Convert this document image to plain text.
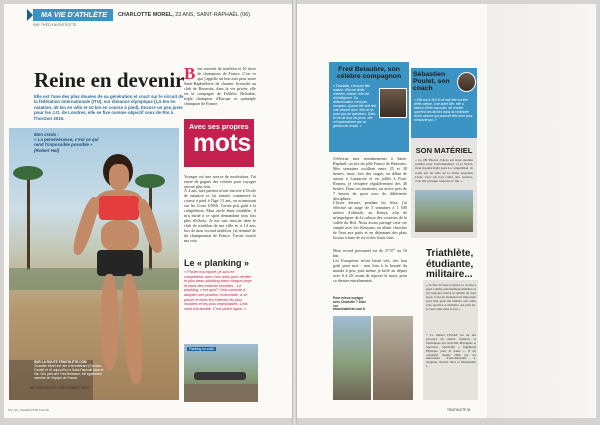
MA VIE D'ATHLÈTE
PAR THÉO KNIGHTSOTTE
CHARLOTTE MOREL, 23 ANS, SAINT-RAPHAËL (06)
Reine en devenir
Elle est l'une des plus douées de sa génération et court sur le circuit de la fédération internationale (ITU), sur distance olympique (1,5 km en natation, 40 km en vélo et 10 km en course à pied). Encore un peu juste pour les J.O. de Londres, elle se fixe comme objectif ceux de Rio à l'horizon 2016.
Bien souvent de triathlon et 10 titres de champions de France. C'est ce que j'appelle un bon mix pour notre Saint-Raphaëloise de charme, licenciée au club de Beauvais, dans la vie privée, elle est la compagne de Frédéric Belaubre, triple champion d'Europe et quintuple champion de France.
Avec ses propres
mots
Voyager est une source de motivation. J'ai envie de gagner des courses pour voyager encore plus loin.
À 4 ans, mes parents m'ont inscrite à l'école de natation et j'ai ensuite commencé la course à pied à l'âge 13 ans, en m'amusant sur les Cross UNSS. J'avais pris goût à la compétition. Mon oncle étant triathlète, il m'a incité à ce sport demandant trois fois plus d'efforts. Je me suis inscrite dans le club de triathlon de ma ville et, à 14 ans, lors de mon second triathlon, j'ai terminé 4e du championnat de France. J'avais trouvé ma voie.
Le « planking »
« Poster ma rayure, je suis en compétition avec mes amis pour dérider le plus beau planking dans chaque pays et dans des endroits insolites... Le planking, c'est quoi? Cela consiste à adopter une position horizontale, à se placer le dans les endroits les plus insolites et les plus improbables. Cela vient d'Australie. C'est plutôt rigolo. »
Planking au soleil
Mon credo :
« La persévérance, c'est ce qui rend l'impossible possible » (Robert Hal)
SUR LA ROUTE TRIATHLETE.COM
Charlotte Morel est née à Montbéliard (Franche-Comté) et vit aujourd'hui à Saint-Raphaël dans le Var. Son petit ami Fred Belaubre, est également membre de l'équipe de France.
50 TRIATHLETE / DÉCEMBRE 2013
MV_AU_CHARLOTTE.indd 46
Fred Belaubre, son célèbre compagnon
« Charlotte, c'est une fille mature. Elle est drôle, cheerful, mâtine. Elle est d'intelligence. Sa détermination n'est pas trompeur. Quand elle doit finir une séance dure, elle ne se pose pas de questions. Dans le vie de tous les jours, elle m'impressionne par sa gestion du temps. »
Sébastien Poulet, son coach
« Elle est à 300 % et sait elle est fine d'elle-même. Une autre fille, elle a besoin d'être rassurée, de recréer souvent ses tâches dans la continuité d'une séance qui pourrait être dure pour n'importe qui. »
SON MATÉRIEL
« Le 0B Thorns d'Arsa est mon modèle préféré pour l'entraînement, et le Velox, mon modèle light pour la compétition. Je roule sur un vélo de la firme ressentie Lizar, avec un bon cadre aux normes, c'est sûr presque toujours le fun. »
Triathlète, étudiante, militaire...
« Je fais de base toujours la course à pied comme entraînement militaire et j'ai toujours trouvé le rythme de mon sport. C'est un moment très important pour moi pour me réaliser une autre voie sportive et militaire. Au plus tôt, je veux aller dans le fun. »
* Le Master FISSAP est un des parcours du master Sciences et Techniques des Activités Physiques et Sportives. Spécialité « Ingénierie Physique pour la Santé ». Il est considéré depuis 2006 par les universités d'Aix-Marseille 2, Avignon, Toulon, Nice et Montpellier 1.
J'effectue mes entraînements à Saint-Raphaël, un site du pôle France de Beauvais. Mes semaines oscillent entre 25 et 30 heures, mais, lors des stages, en début de saison à Lanzarote et en juillet à Font-Romeu, je récupère régulièrement des 40 heures. Dans ces moments, on arrive près de 7 heures de sport avec de différentes disciplines.
L'hiver dernier, pendant les fêtes, j'ai effectué un stage de 3 semaines à 1 500 mètres d'altitude, au Kenya, afin de m'imprégner de la culture des coureurs de la vallée du Rift. Nous avons partagé cette vie simple avec les Kenyans, en allant chercher de l'eau aux puits et en déjeunant des plats locaux à base de riz et des fruits frais.
Mon record personnel est de 37'37" au 10 km.
Les Européens m'ont laissé très, très bon goût pour moi : non loin à la beauté du monde à peu, puis même je kiffé au départ avec 6 à 20, avant de reposer la maxi, pour ce dernier entraînement.
Pour mieux voyager avec Charlotte ? Allez sur www.triathlete.com.fr
TRIATHLETE 51
